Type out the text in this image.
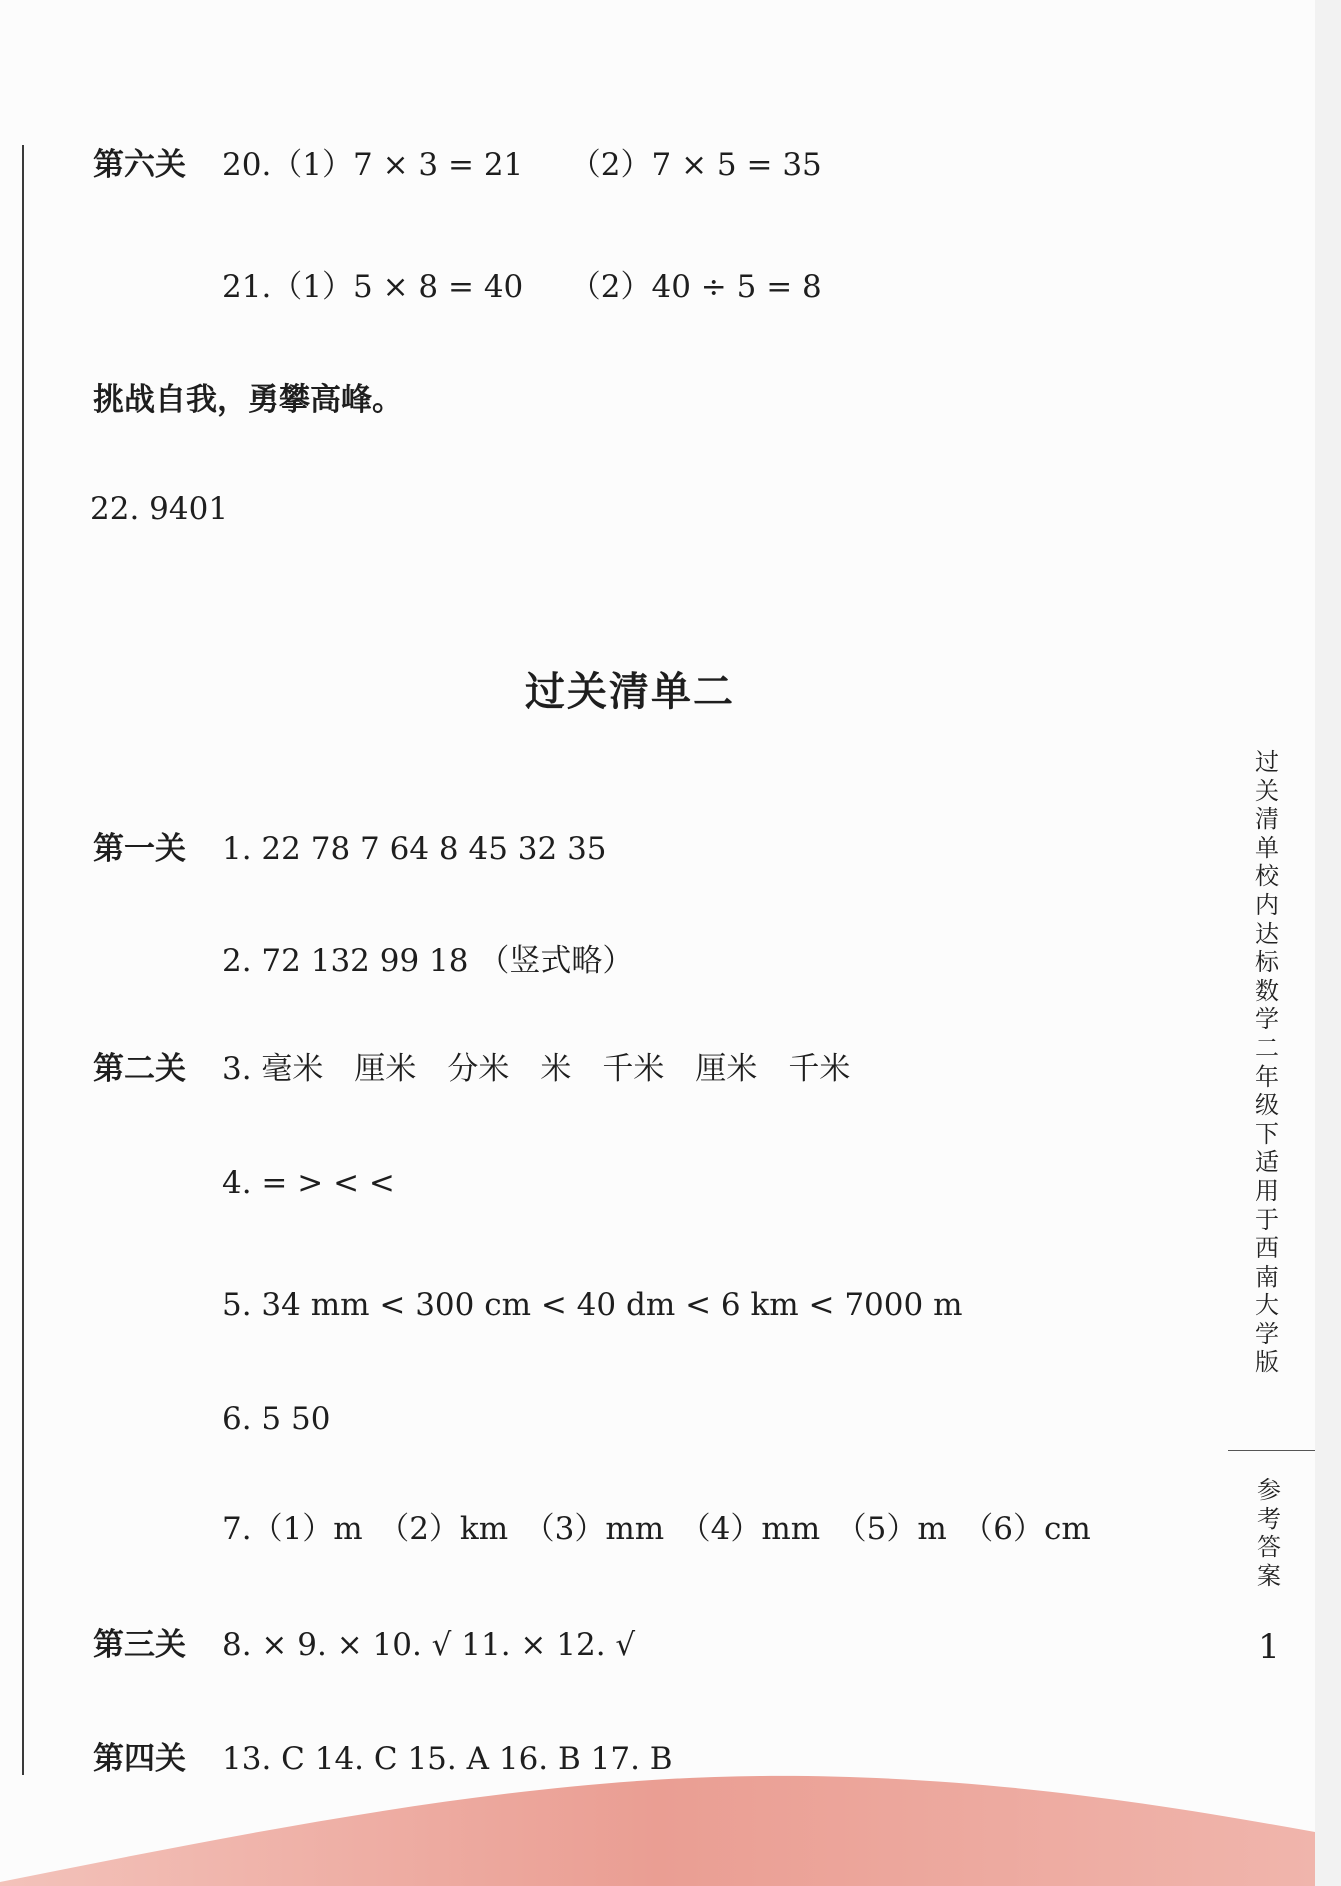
第六关 20.（1）7 × 3 = 21　　（2）7 × 5 = 35
21.（1）5 × 8 = 40　　（2）40 ÷ 5 = 8
挑战自我，勇攀高峰。
22. 9401
过关清单二
第一关 1. 22 78 7 64 8 45 32 35
2. 72 132 99 18 （竖式略）
第二关 3. 毫米　厘米　分米　米　千米　厘米　千米
4. = > < <
5. 34 mm < 300 cm < 40 dm < 6 km < 7000 m
6. 5 50
7.（1）m　（2）km　（3）mm　（4）mm　（5）m　（6）cm
第三关 8. × 9. × 10. √ 11. × 12. √
第四关 13. C 14. C 15. A 16. B 17. B
过关清单校内达标数学二年级下适用于西南大学版
参考答案
1
